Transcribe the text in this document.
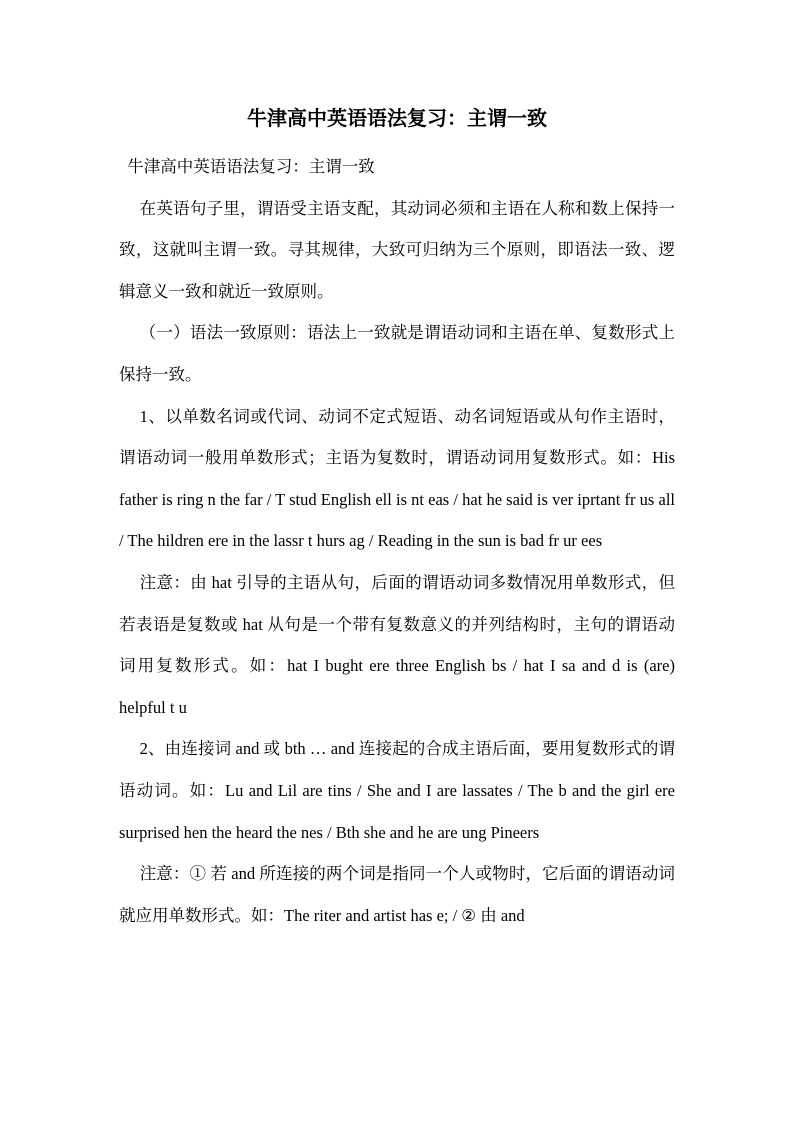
牛津高中英语语法复习：主谓一致

牛津高中英语语法复习：主谓一致

在英语句子里，谓语受主语支配，其动词必须和主语在人称和数上保持一致，这就叫主谓一致。寻其规律，大致可归纳为三个原则，即语法一致、逻辑意义一致和就近一致原则。

（一）语法一致原则：语法上一致就是谓语动词和主语在单、复数形式上保持一致。

1、以单数名词或代词、动词不定式短语、动名词短语或从句作主语时，谓语动词一般用单数形式；主语为复数时，谓语动词用复数形式。如：His father is ring n the far / T stud English ell is nt eas / hat he said is ver iprtant fr us all / The hildren ere in the lassr t hurs ag / Reading in the sun is bad fr ur ees

注意：由 hat 引导的主语从句，后面的谓语动词多数情况用单数形式，但若表语是复数或 hat 从句是一个带有复数意义的并列结构时，主句的谓语动词用复数形式。如：hat I bught ere three English bs / hat I sa and d is (are) helpful t u

2、由连接词 and 或 bth … and 连接起的合成主语后面，要用复数形式的谓语动词。如：Lu and Lil are tins / She and I are lassates / The b and the girl ere surprised hen the heard the nes / Bth she and he are ung Pineers

注意：① 若 and 所连接的两个词是指同一个人或物时，它后面的谓语动词就应用单数形式。如：The riter and artist has e; / ② 由 and
